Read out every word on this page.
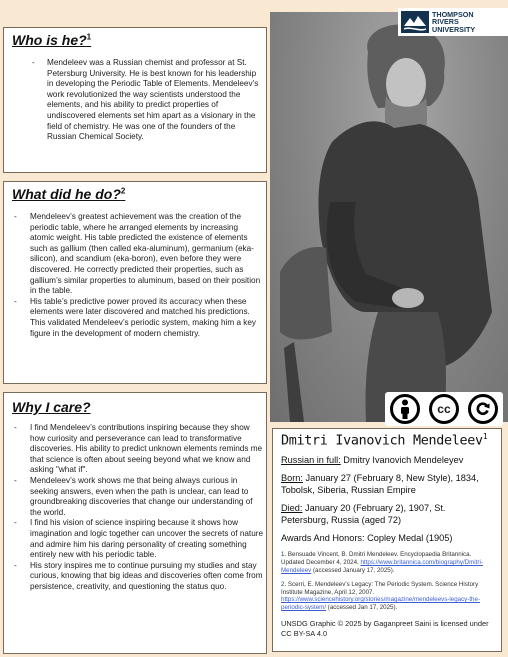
Who is he?$^1$
- Mendeleev was a Russian chemist and professor at St. Petersburg University. He is best known for his leadership in developing the Periodic Table of Elements. Mendeleev’s work revolutionized the way scientists understood the elements, and his ability to predict properties of undiscovered elements set him apart as a visionary in the field of chemistry. He was one of the founders of the Russian Chemical Society.
What did he do?$^2$
- Mendeleev’s greatest achievement was the creation of the periodic table, where he arranged elements by increasing atomic weight. His table predicted the existence of elements such as gallium (then called eka-aluminum), germanium (eka-silicon), and scandium (eka-boron), even before they were discovered. He correctly predicted their properties, such as gallium’s similar properties to aluminum, based on their position in the table.
- His table’s predictive power proved its accuracy when these elements were later discovered and matched his predictions. This validated Mendeleev’s periodic system, making him a key figure in the development of modern chemistry.
Why I care?
- I find Mendeleev’s contributions inspiring because they show how curiosity and perseverance can lead to transformative discoveries. His ability to predict unknown elements reminds me that science is often about seeing beyond what we know and asking "what if".
- Mendeleev’s work shows me that being always curious in seeking answers, even when the path is unclear, can lead to groundbreaking discoveries that change our understanding of the world.
- I find his vision of science inspiring because it shows how imagination and logic together can uncover the secrets of nature and admire him his daring personality of creating something entirely new with his periodic table.
- His story inspires me to continue pursuing my studies and stay curious, knowing that big ideas and discoveries often come from persistence, creativity, and questioning the status quo.
THOMPSON
RIVERS
UNIVERSITY
cc
Dmitri Ivanovich Mendeleev$^1$
Russian in full: Dmitry Ivanovich Mendeleyev
Born: January 27 (February 8, New Style), 1834, Tobolsk, Siberia, Russian Empire
Died: January 20 (February 2), 1907, St. Petersburg, Russia (aged 72)
Awards And Honors: Copley Medal (1905)
1. Bensuade Vincent, B. Dmitri Mendeleev. Encyclopaedia Britannica. Updated December 4, 2024. https://www.britannica.com/biography/Dmitri-Mendeleev (accessed January 17, 2025).
2. Scerri, E. Mendeleev’s Legacy: The Periodic System. Science History Institute Magazine, April 12, 2007. https://www.sciencehistory.org/stories/magazine/mendeleevs-legacy-the-periodic-system/ (accessed Jan 17, 2025).
UNSDG Graphic © 2025 by Gaganpreet Saini is licensed under CC BY-SA 4.0
